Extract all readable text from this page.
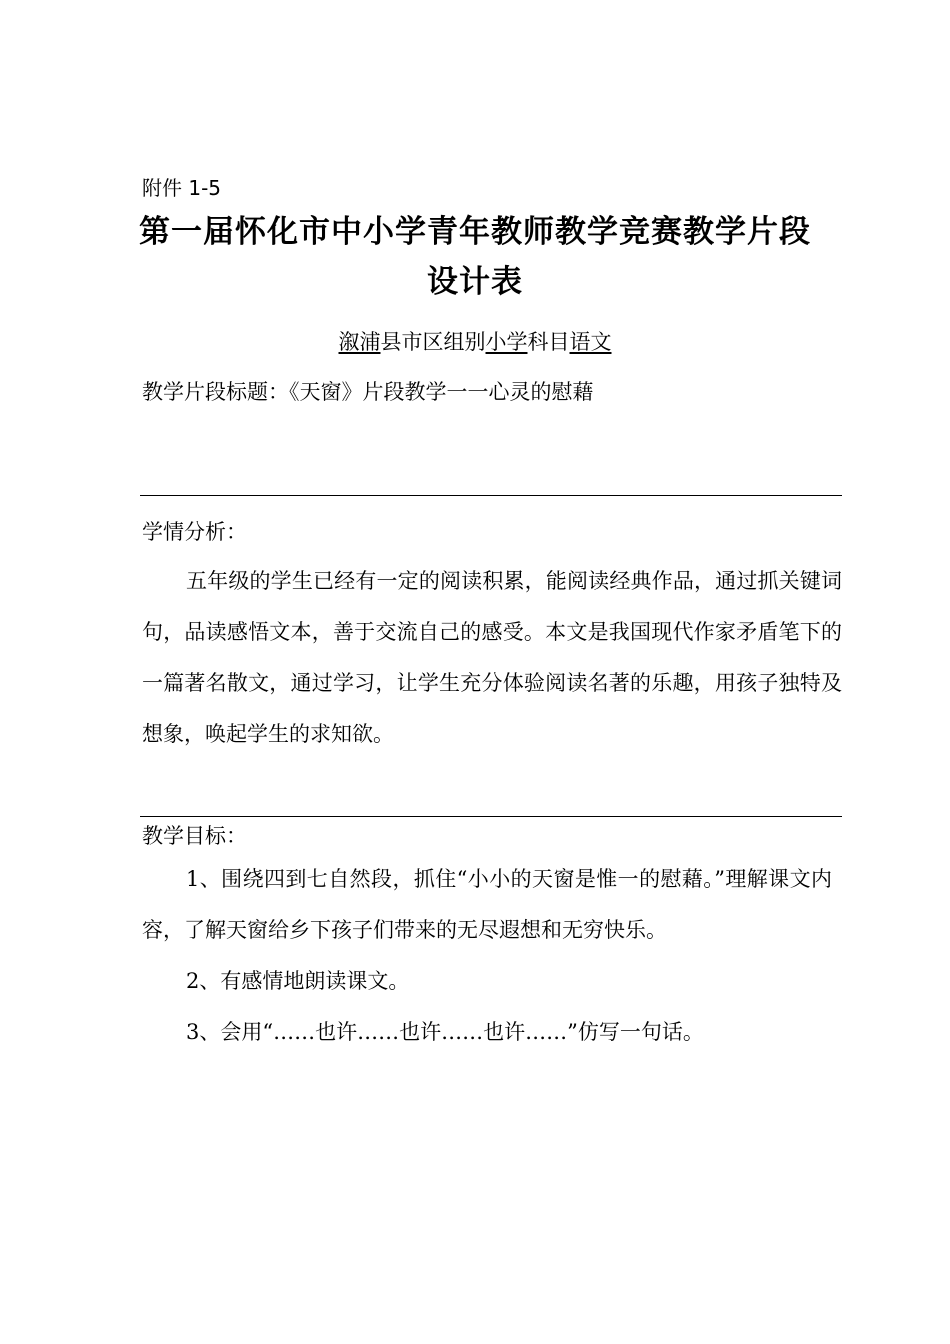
附件 1-5
第一届怀化市中小学青年教师教学竞赛教学片段
设计表
溆浦县市区组别小学科目语文
教学片段标题：《天窗》片段教学一一心灵的慰藉
学情分析：
五年级的学生已经有一定的阅读积累，能阅读经典作品，通过抓关键词句，品读感悟文本，善于交流自己的感受。本文是我国现代作家矛盾笔下的一篇著名散文，通过学习，让学生充分体验阅读名著的乐趣，用孩子独特及想象，唤起学生的求知欲。
教学目标：
1、围绕四到七自然段，抓住“小小的天窗是惟一的慰藉。”理解课文内容，了解天窗给乡下孩子们带来的无尽遐想和无穷快乐。
2、有感情地朗读课文。
3、会用“……也许……也许……也许……”仿写一句话。
